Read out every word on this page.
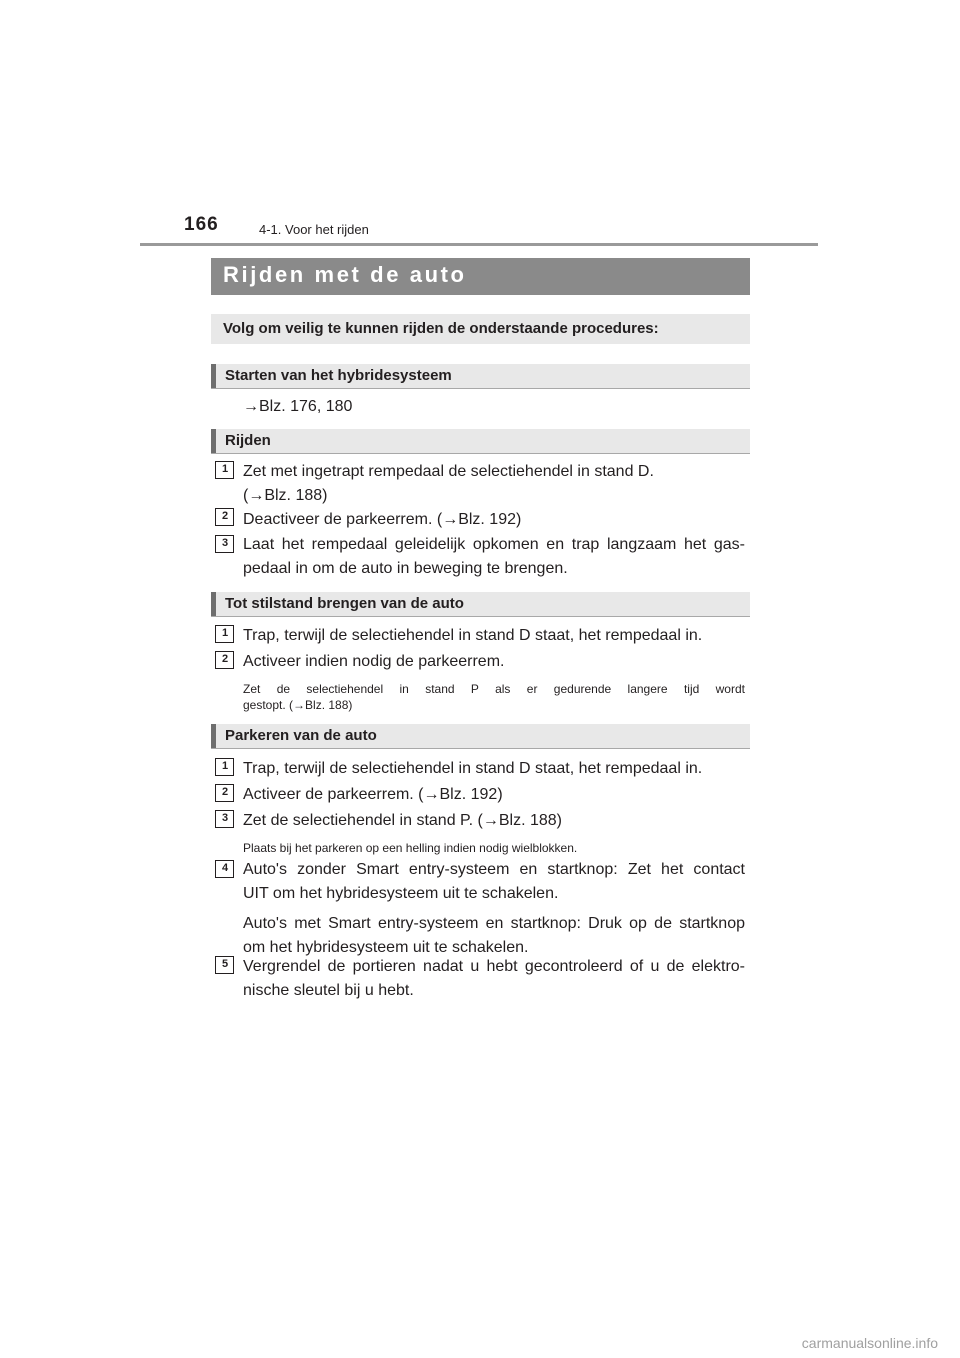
166	4-1. Voor het rijden
Rijden met de auto
Volg om veilig te kunnen rijden de onderstaande procedures:
Starten van het hybridesysteem
→Blz. 176, 180
Rijden
1 Zet met ingetrapt rempedaal de selectiehendel in stand D.
(→Blz. 188)
2 Deactiveer de parkeerrem. (→Blz. 192)
3 Laat het rempedaal geleidelijk opkomen en trap langzaam het gas-
pedaal in om de auto in beweging te brengen.
Tot stilstand brengen van de auto
1 Trap, terwijl de selectiehendel in stand D staat, het rempedaal in.
2 Activeer indien nodig de parkeerrem.
Zet de selectiehendel in stand P als er gedurende langere tijd wordt
gestopt. (→Blz. 188)
Parkeren van de auto
1 Trap, terwijl de selectiehendel in stand D staat, het rempedaal in.
2 Activeer de parkeerrem. (→Blz. 192)
3 Zet de selectiehendel in stand P. (→Blz. 188)
Plaats bij het parkeren op een helling indien nodig wielblokken.
4 Auto's zonder Smart entry-systeem en startknop: Zet het contact
UIT om het hybridesysteem uit te schakelen.
Auto's met Smart entry-systeem en startknop: Druk op de startknop
om het hybridesysteem uit te schakelen.
5 Vergrendel de portieren nadat u hebt gecontroleerd of u de elektro-
nische sleutel bij u hebt.
carmanualsonline.info
